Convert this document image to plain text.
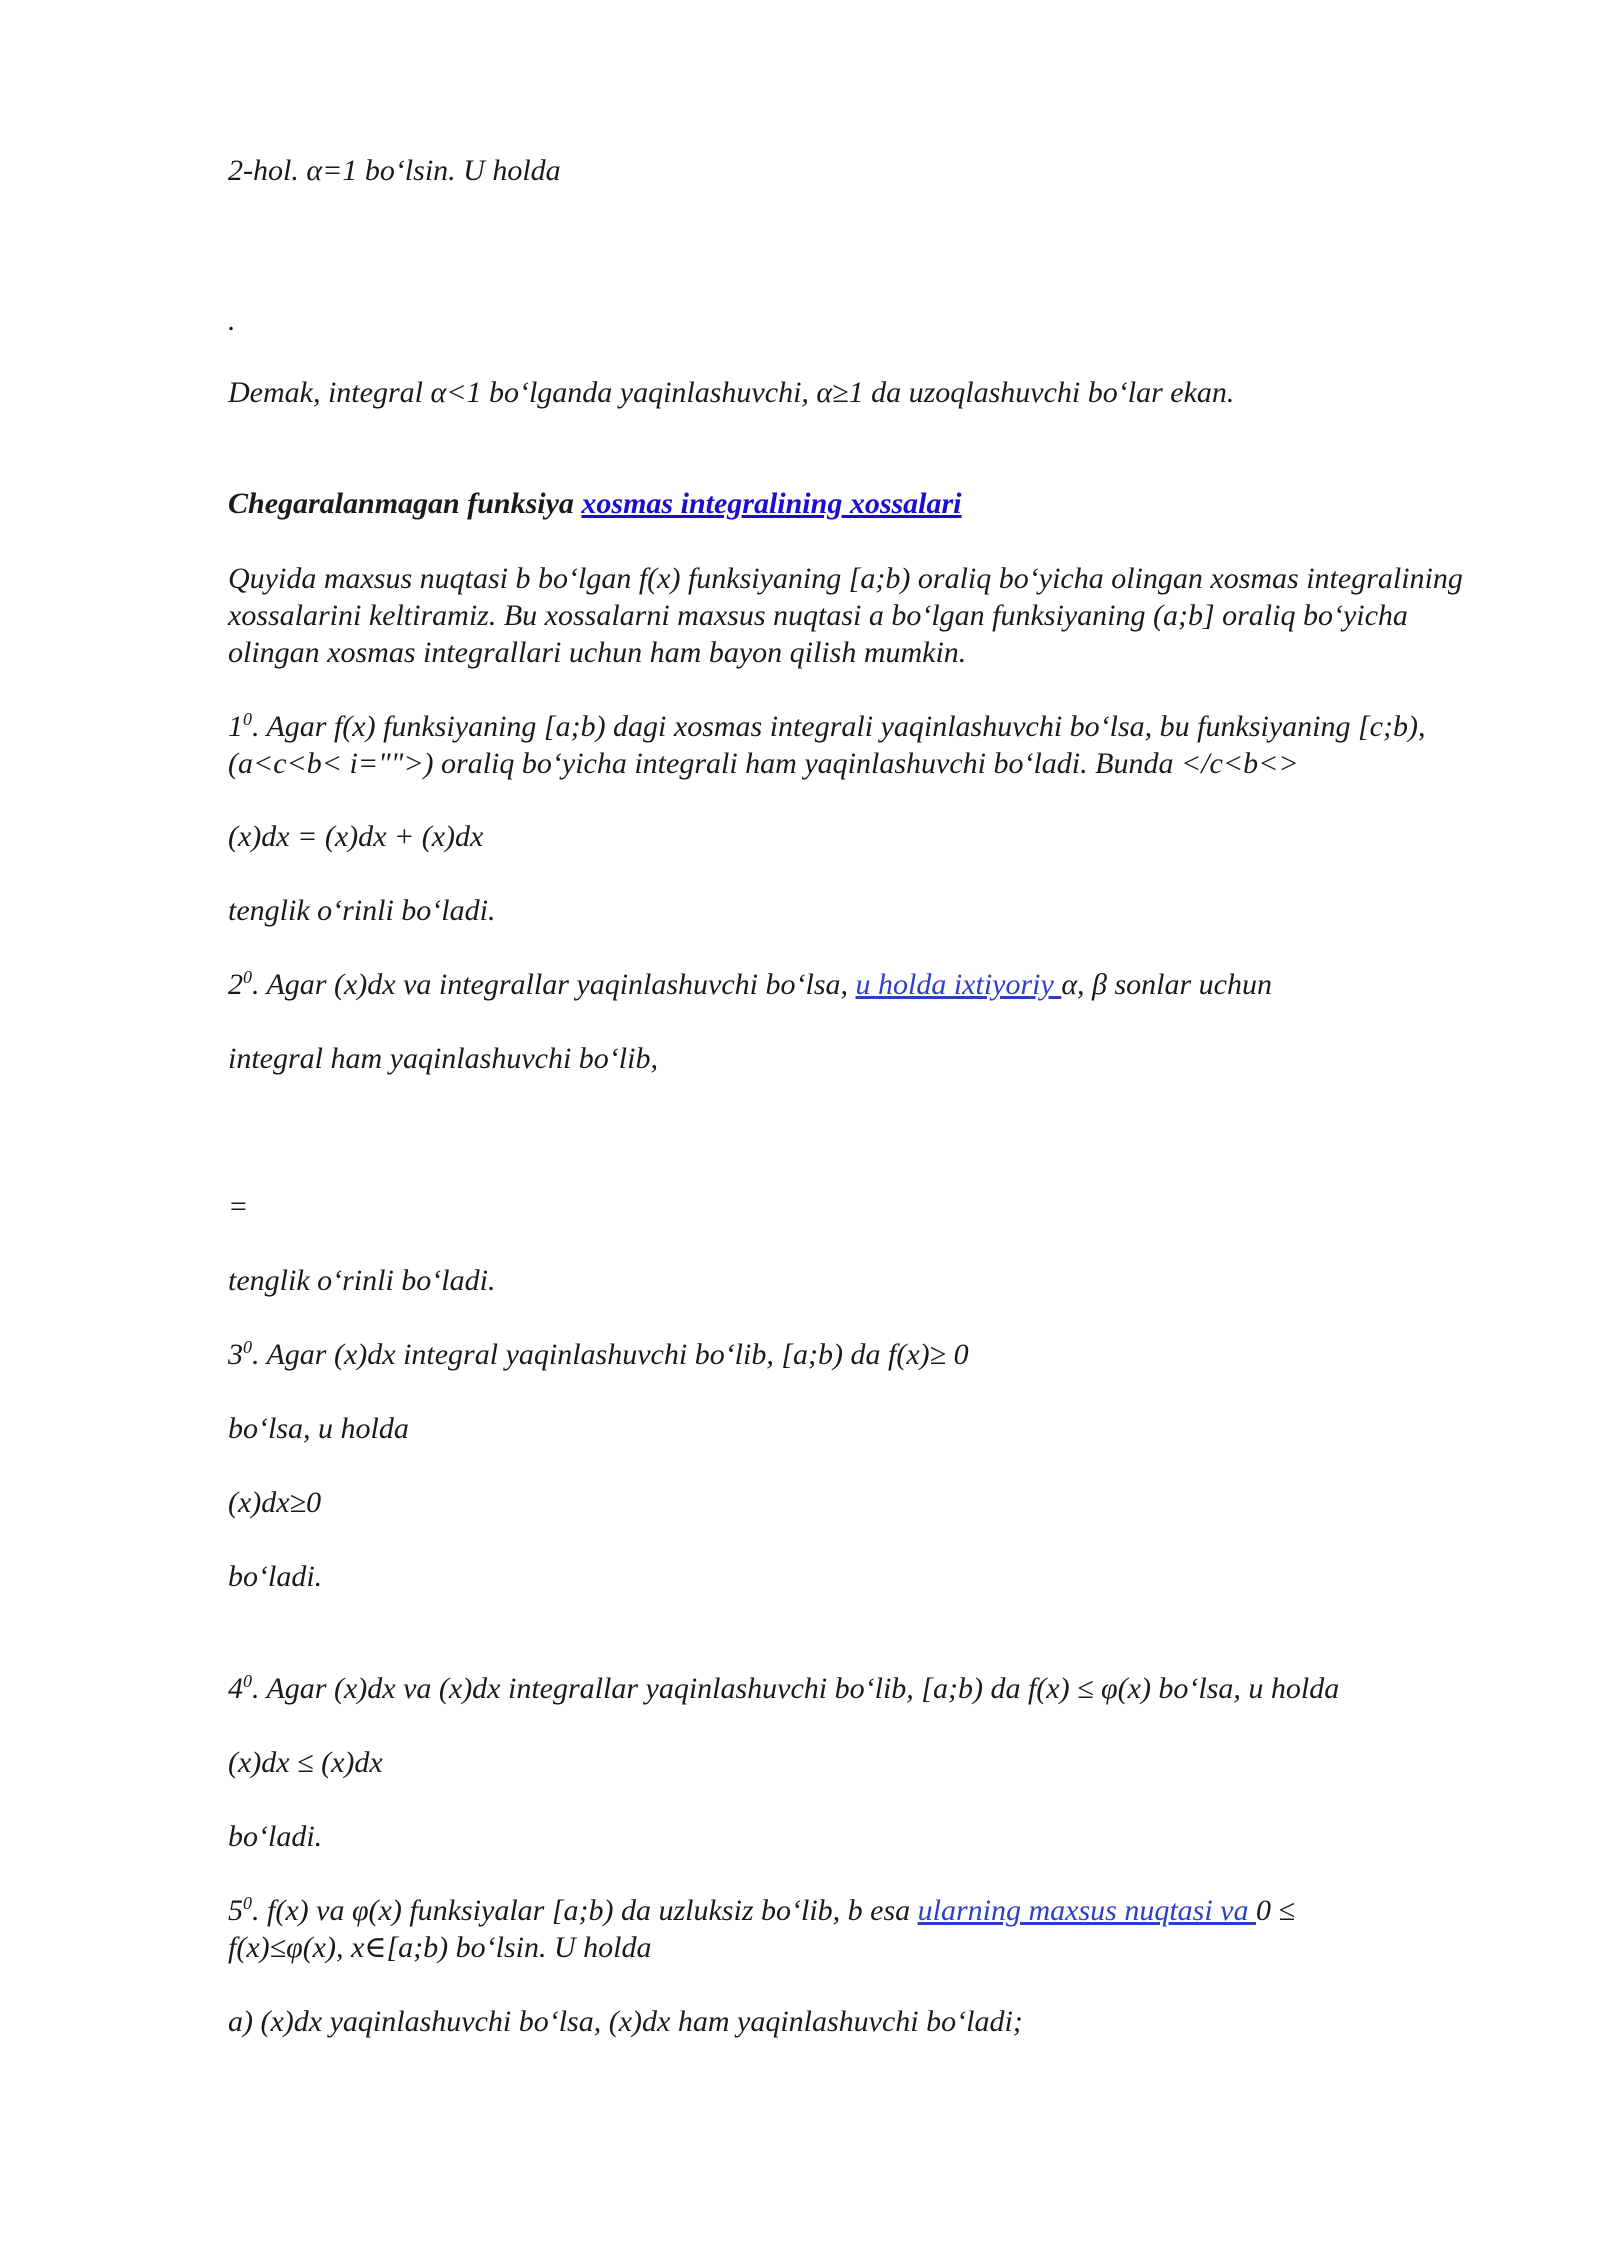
2-hol. α=1 bo‘lsin. U holda
.
Demak, integral α<1 bo‘lganda yaqinlashuvchi, α≥1 da uzoqlashuvchi bo‘lar ekan.
Chegaralanmagan funksiya xosmas integralining xossalari
Quyida maxsus nuqtasi b bo‘lgan f(x) funksiyaning [a;b) oraliq bo‘yicha olingan xosmas integralining xossalarini keltiramiz. Bu xossalarni maxsus nuqtasi a bo‘lgan funksiyaning (a;b] oraliq bo‘yicha olingan xosmas integrallari uchun ham bayon qilish mumkin.
$1^0$. Agar f(x) funksiyaning [a;b) dagi xosmas integrali yaqinlashuvchi bo‘lsa, bu funksiyaning [c;b), (a<c<b< i="">) oraliq bo‘yicha integrali ham yaqinlashuvchi bo‘ladi. Bunda </c<b<>
(x)dx = (x)dx + (x)dx
tenglik o‘rinli bo‘ladi.
$2^0$. Agar (x)dx va integrallar yaqinlashuvchi bo‘lsa, u holda ixtiyoriy α, β sonlar uchun
integral ham yaqinlashuvchi bo‘lib,
=
tenglik o‘rinli bo‘ladi.
$3^0$. Agar (x)dx integral yaqinlashuvchi bo‘lib, [a;b) da f(x)≥ 0
bo‘lsa, u holda
(x)dx≥0
bo‘ladi.
$4^0$. Agar (x)dx va (x)dx integrallar yaqinlashuvchi bo‘lib, [a;b) da f(x) ≤ φ(x) bo‘lsa, u holda
(x)dx ≤ (x)dx
bo‘ladi.
$5^0$. f(x) va φ(x) funksiyalar [a;b) da uzluksiz bo‘lib, b esa ularning maxsus nuqtasi va 0 ≤
f(x)≤φ(x), x∈[a;b) bo‘lsin. U holda
a) (x)dx yaqinlashuvchi bo‘lsa, (x)dx ham yaqinlashuvchi bo‘ladi;
